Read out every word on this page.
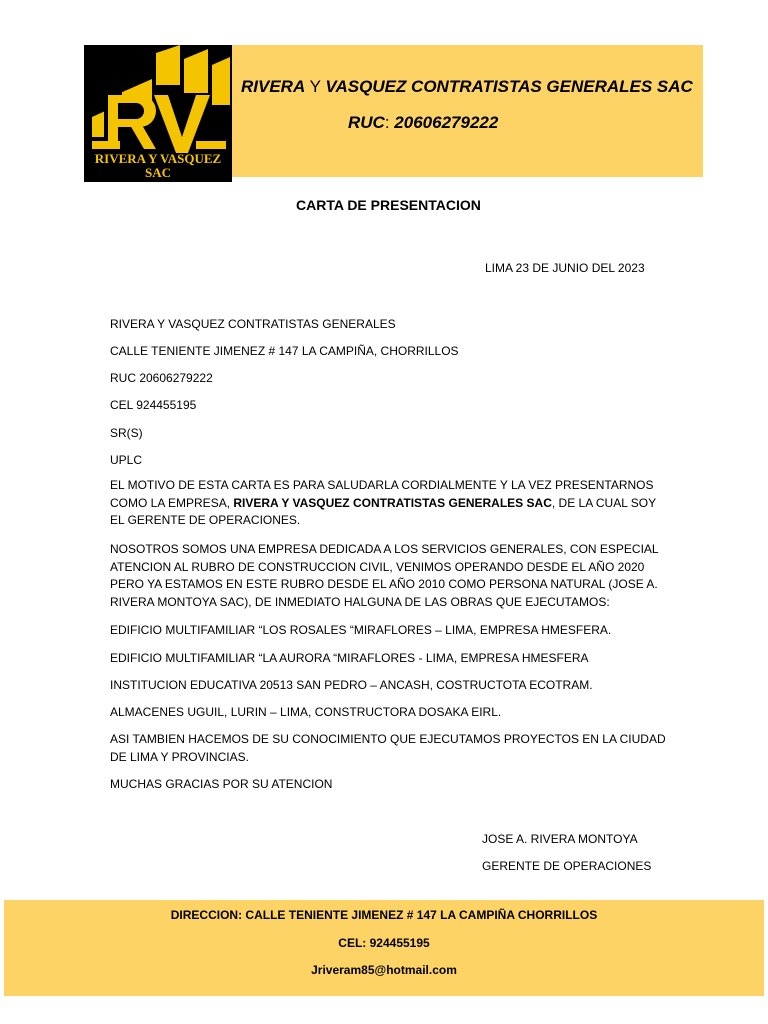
RIVERA Y VASQUEZ
SAC
RIVERA Y VASQUEZ CONTRATISTAS GENERALES SAC
RUC: 20606279222
CARTA DE PRESENTACION
LIMA 23 DE JUNIO DEL 2023
RIVERA Y VASQUEZ CONTRATISTAS GENERALES
CALLE TENIENTE JIMENEZ # 147 LA CAMPIÑA, CHORRILLOS
RUC 20606279222
CEL 924455195
SR(S)
UPLC
EL MOTIVO DE ESTA CARTA ES PARA SALUDARLA CORDIALMENTE Y LA VEZ PRESENTARNOS COMO LA EMPRESA, RIVERA Y VASQUEZ CONTRATISTAS GENERALES SAC, DE LA CUAL SOY EL GERENTE DE OPERACIONES.
NOSOTROS SOMOS UNA EMPRESA DEDICADA A LOS SERVICIOS GENERALES, CON ESPECIAL ATENCION AL RUBRO DE CONSTRUCCION CIVIL, VENIMOS OPERANDO DESDE EL AÑO 2020 PERO YA ESTAMOS EN ESTE RUBRO DESDE EL AÑO 2010 COMO PERSONA NATURAL (JOSE A. RIVERA MONTOYA SAC), DE INMEDIATO HALGUNA DE LAS OBRAS QUE EJECUTAMOS:
EDIFICIO MULTIFAMILIAR “LOS ROSALES “MIRAFLORES – LIMA, EMPRESA HMESFERA.
EDIFICIO MULTIFAMILIAR “LA AURORA “MIRAFLORES - LIMA, EMPRESA HMESFERA
INSTITUCION EDUCATIVA 20513 SAN PEDRO – ANCASH, COSTRUCTOTA ECOTRAM.
ALMACENES UGUIL, LURIN – LIMA, CONSTRUCTORA DOSAKA EIRL.
ASI TAMBIEN HACEMOS DE SU CONOCIMIENTO QUE EJECUTAMOS PROYECTOS EN LA CIUDAD DE LIMA Y PROVINCIAS.
MUCHAS GRACIAS POR SU ATENCION
JOSE A. RIVERA MONTOYA
GERENTE DE OPERACIONES
DIRECCION: CALLE TENIENTE JIMENEZ # 147 LA CAMPIÑA CHORRILLOS
CEL: 924455195
Jriveram85@hotmail.com
